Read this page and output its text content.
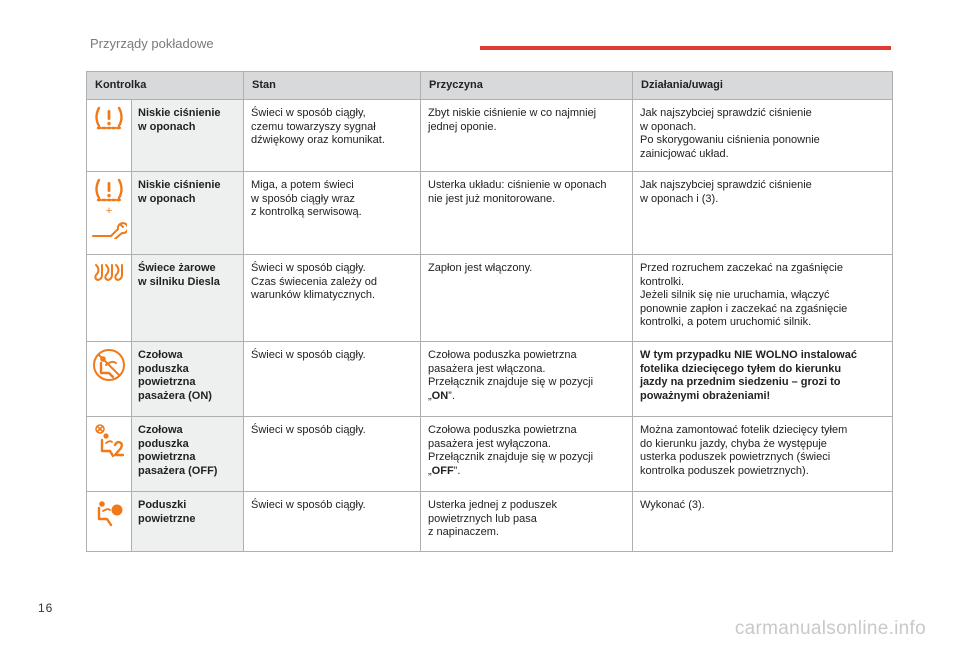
Przyrządy pokładowe
Kontrolka		Stan	Przyczyna	Działania/uwagi

	Niskie ciśnienie
w oponach	Świeci w sposób ciągły,
czemu towarzyszy sygnał
dźwiękowy oraz komunikat.	Zbyt niskie ciśnienie w co najmniej
jednej oponie.	Jak najszybciej sprawdzić ciśnienie
w oponach.
Po skorygowaniu ciśnienia ponownie
zainicjować układ.

+	Niskie ciśnienie
w oponach	Miga, a potem świeci
w sposób ciągły wraz
z kontrolką serwisową.	Usterka układu: ciśnienie w oponach
nie jest już monitorowane.	Jak najszybciej sprawdzić ciśnienie
w oponach i (3).

	Świece żarowe
w silniku Diesla	Świeci w sposób ciągły.
Czas świecenia zależy od
warunków klimatycznych.	Zapłon jest włączony.	Przed rozruchem zaczekać na zgaśnięcie
kontrolki.
Jeżeli silnik się nie uruchamia, włączyć
ponownie zapłon i zaczekać na zgaśnięcie
kontrolki, a potem uruchomić silnik.

	Czołowa
poduszka
powietrzna
pasażera (ON)	Świeci w sposób ciągły.	Czołowa poduszka powietrzna
pasażera jest włączona.
Przełącznik znajduje się w pozycji
„ON”.	W tym przypadku NIE WOLNO instalować
fotelika dziecięcego tyłem do kierunku
jazdy na przednim siedzeniu – grozi to
poważnymi obrażeniami!

	Czołowa
poduszka
powietrzna
pasażera (OFF)	Świeci w sposób ciągły.	Czołowa poduszka powietrzna
pasażera jest wyłączona.
Przełącznik znajduje się w pozycji
„OFF”.	Można zamontować fotelik dziecięcy tyłem
do kierunku jazdy, chyba że występuje
usterka poduszek powietrznych (świeci
kontrolka poduszek powietrznych).

	Poduszki
powietrzne	Świeci w sposób ciągły.	Usterka jednej z poduszek
powietrznych lub pasa
z napinaczem.	Wykonać (3).
16
carmanualsonline.info
